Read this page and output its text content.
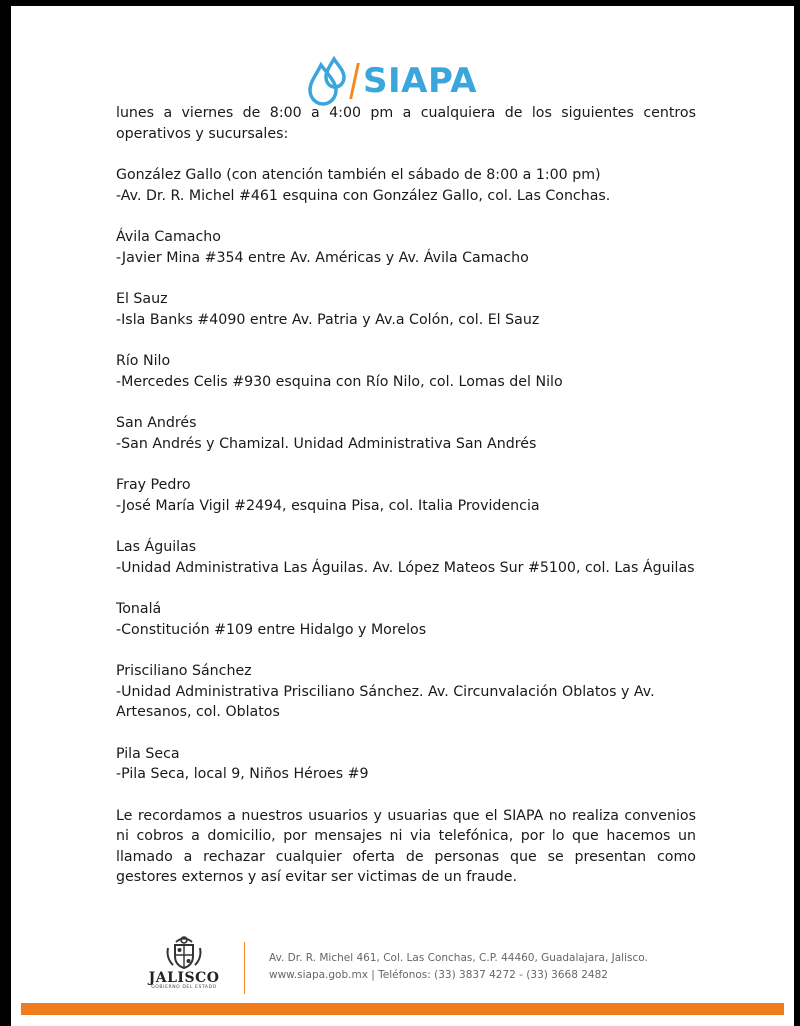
SIAPA

lunes a viernes de 8:00 a 4:00 pm a cualquiera de los siguientes centros operativos y sucursales:

González Gallo (con atención también el sábado de 8:00 a 1:00 pm)

-Av. Dr. R. Michel #461 esquina con González Gallo, col. Las Conchas.

Ávila Camacho

-Javier Mina #354 entre Av. Américas y Av. Ávila Camacho

El Sauz

-Isla Banks #4090 entre Av. Patria y Av.a Colón, col. El Sauz

Río Nilo

-Mercedes Celis #930 esquina con Río Nilo, col. Lomas del Nilo

San Andrés

-San Andrés y Chamizal. Unidad Administrativa San Andrés

Fray Pedro

-José María Vigil #2494, esquina Pisa, col. Italia Providencia

Las Águilas

-Unidad Administrativa Las Águilas. Av. López Mateos Sur #5100, col. Las Águilas

Tonalá

-Constitución #109 entre Hidalgo y Morelos

Prisciliano Sánchez

-Unidad Administrativa Prisciliano Sánchez. Av. Circunvalación Oblatos y Av. Artesanos, col. Oblatos

Pila Seca

-Pila Seca, local 9, Niños Héroes #9

Le recordamos a nuestros usuarios y usuarias que el SIAPA no realiza convenios ni cobros a domicilio, por mensajes ni via telefónica, por lo que hacemos un llamado a rechazar cualquier oferta de personas que se presentan como gestores externos y así evitar ser victimas de un fraude.

JALISCO
GOBIERNO DEL ESTADO
Av. Dr. R. Michel 461, Col. Las Conchas, C.P. 44460, Guadalajara, Jalisco.
www.siapa.gob.mx | Teléfonos: (33) 3837 4272 - (33) 3668 2482
